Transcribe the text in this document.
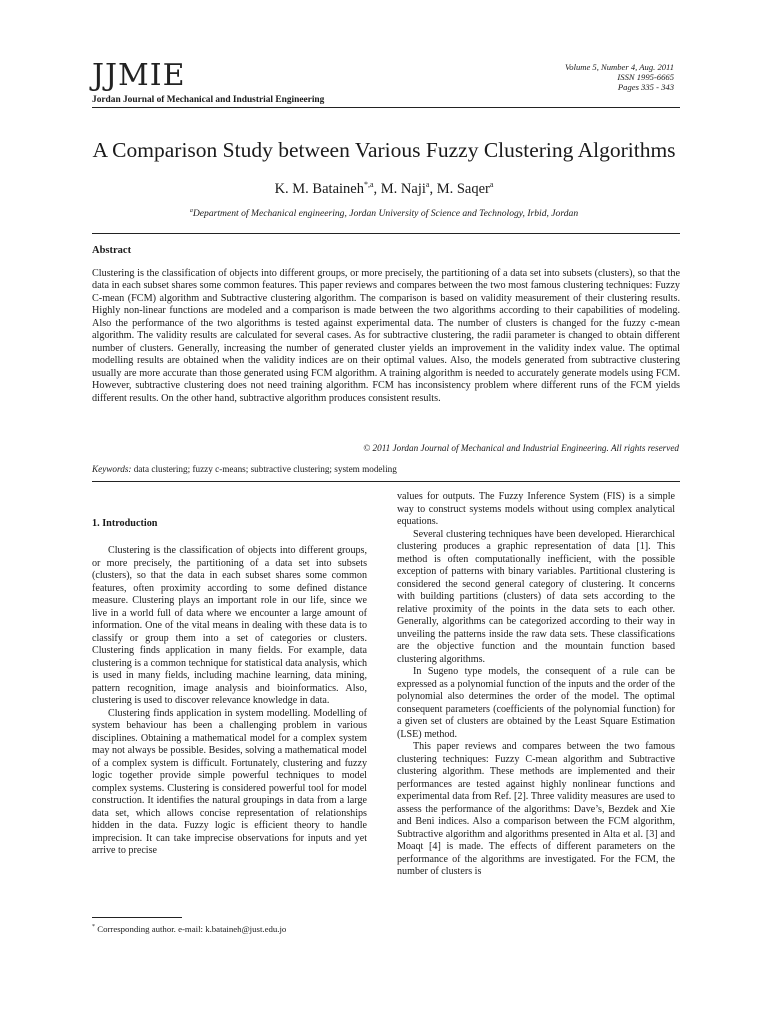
JJMIE	Volume 5, Number 4, Aug. 2011
ISSN 1995-6665
Pages 335 - 343
Jordan Journal of Mechanical and Industrial Engineering
A Comparison Study between Various Fuzzy Clustering Algorithms
K. M. Bataineh$^{*,a}$, M. Naji$^a$, M. Saqer$^a$
$^a$Department of Mechanical engineering, Jordan University of Science and Technology, Irbid, Jordan
Abstract
Clustering is the classification of objects into different groups, or more precisely, the partitioning of a data set into subsets (clusters), so that the data in each subset shares some common features. This paper reviews and compares between the two most famous clustering techniques: Fuzzy C-mean (FCM) algorithm and Subtractive clustering algorithm. The comparison is based on validity measurement of their clustering results. Highly non-linear functions are modeled and a comparison is made between the two algorithms according to their capabilities of modeling. Also the performance of the two algorithms is tested against experimental data. The number of clusters is changed for the fuzzy c-mean algorithm. The validity results are calculated for several cases. As for subtractive clustering, the radii parameter is changed to obtain different number of clusters. Generally, increasing the number of generated cluster yields an improvement in the validity index value. The optimal modelling results are obtained when the validity indices are on their optimal values. Also, the models generated from subtractive clustering usually are more accurate than those generated using FCM algorithm. A training algorithm is needed to accurately generate models using FCM. However, subtractive clustering does not need training algorithm. FCM has inconsistency problem where different runs of the FCM yields different results. On the other hand, subtractive algorithm produces consistent results.
© 2011 Jordan Journal of Mechanical and Industrial Engineering. All rights reserved
Keywords: data clustering; fuzzy c-means; subtractive clustering; system modeling
1. Introduction

Clustering is the classification of objects into different groups, or more precisely, the partitioning of a data set into subsets (clusters), so that the data in each subset shares some common features, often proximity according to some defined distance measure. Clustering plays an important role in our life, since we live in a world full of data where we encounter a large amount of information. One of the vital means in dealing with these data is to classify or group them into a set of categories or clusters. Clustering finds application in many fields. For example, data clustering is a common technique for statistical data analysis, which is used in many fields, including machine learning, data mining, pattern recognition, image analysis and bioinformatics. Also, clustering is used to discover relevance knowledge in data.

Clustering finds application in system modelling. Modelling of system behaviour has been a challenging problem in various disciplines. Obtaining a mathematical model for a complex system may not always be possible. Besides, solving a mathematical model of a complex system is difficult. Fortunately, clustering and fuzzy logic together provide simple powerful techniques to model complex systems. Clustering is considered powerful tool for model construction. It identifies the natural groupings in data from a large data set, which allows concise representation of relationships hidden in the data. Fuzzy logic is efficient theory to handle imprecision. It can take imprecise observations for inputs and yet arrive to precise

values for outputs. The Fuzzy Inference System (FIS) is a simple way to construct systems models without using complex analytical equations.

Several clustering techniques have been developed. Hierarchical clustering produces a graphic representation of data [1]. This method is often computationally inefficient, with the possible exception of patterns with binary variables. Partitional clustering is considered the second general category of clustering. It concerns with building partitions (clusters) of data sets according to the relative proximity of the points in the data sets to each other. Generally, algorithms can be categorized according to their way in unveiling the patterns inside the raw data sets. These classifications are the objective function and the mountain function based clustering algorithms.

In Sugeno type models, the consequent of a rule can be expressed as a polynomial function of the inputs and the order of the polynomial also determines the order of the model. The optimal consequent parameters (coefficients of the polynomial function) for a given set of clusters are obtained by the Least Square Estimation (LSE) method.

This paper reviews and compares between the two famous clustering techniques: Fuzzy C-mean algorithm and Subtractive clustering algorithm. These methods are implemented and their performances are tested against highly nonlinear functions and experimental data from Ref. [2]. Three validity measures are used to assess the performance of the algorithms: Dave’s, Bezdek and Xie and Beni indices. Also a comparison between the FCM algorithm, Subtractive algorithm and algorithms presented in Alta et al. [3] and Moaqt [4] is made. The effects of different parameters on the performance of the algorithms are investigated. For the FCM, the number of clusters is

* Corresponding author. e-mail: k.bataineh@just.edu.jo
